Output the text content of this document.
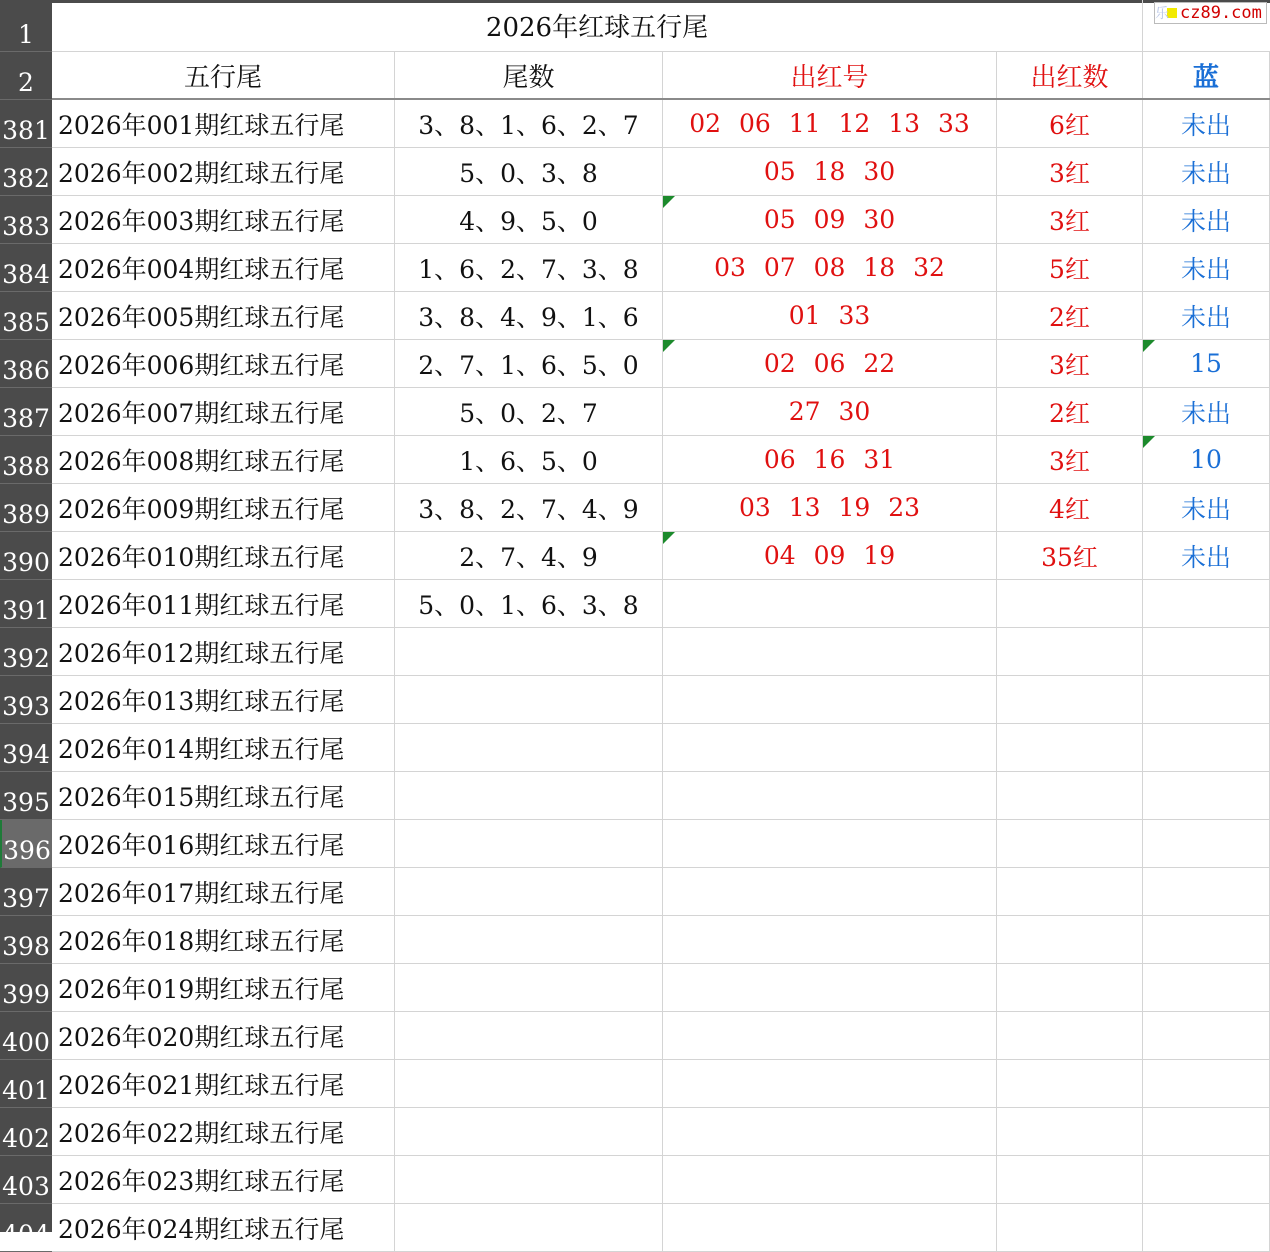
1	2026年红球五行尾
2	五行尾	尾数	出红号	出红数	蓝
381 2026年001期红球五行尾	3、8、1、6、2、7	02 06 11 12 13 33	6红	未出
382 2026年002期红球五行尾	5、0、3、8	05 18 30	3红	未出
383 2026年003期红球五行尾	4、9、5、0	05 09 30	3红	未出
384 2026年004期红球五行尾	1、6、2、7、3、8	03 07 08 18 32	5红	未出
385 2026年005期红球五行尾	3、8、4、9、1、6	01 33	2红	未出
386 2026年006期红球五行尾	2、7、1、6、5、0	02 06 22	3红	15
387 2026年007期红球五行尾	5、0、2、7	27 30	2红	未出
388 2026年008期红球五行尾	1、6、5、0	06 16 31	3红	10
389 2026年009期红球五行尾	3、8、2、7、4、9	03 13 19 23	4红	未出
390 2026年010期红球五行尾	2、7、4、9	04 09 19	35红	未出
391 2026年011期红球五行尾	5、0、1、6、3、8
392 2026年012期红球五行尾
393 2026年013期红球五行尾
394 2026年014期红球五行尾
395 2026年015期红球五行尾
396 2026年016期红球五行尾
397 2026年017期红球五行尾
398 2026年018期红球五行尾
399 2026年019期红球五行尾
400 2026年020期红球五行尾
401 2026年021期红球五行尾
402 2026年022期红球五行尾
403 2026年023期红球五行尾
404 2026年024期红球五行尾
乐 cz89.com
